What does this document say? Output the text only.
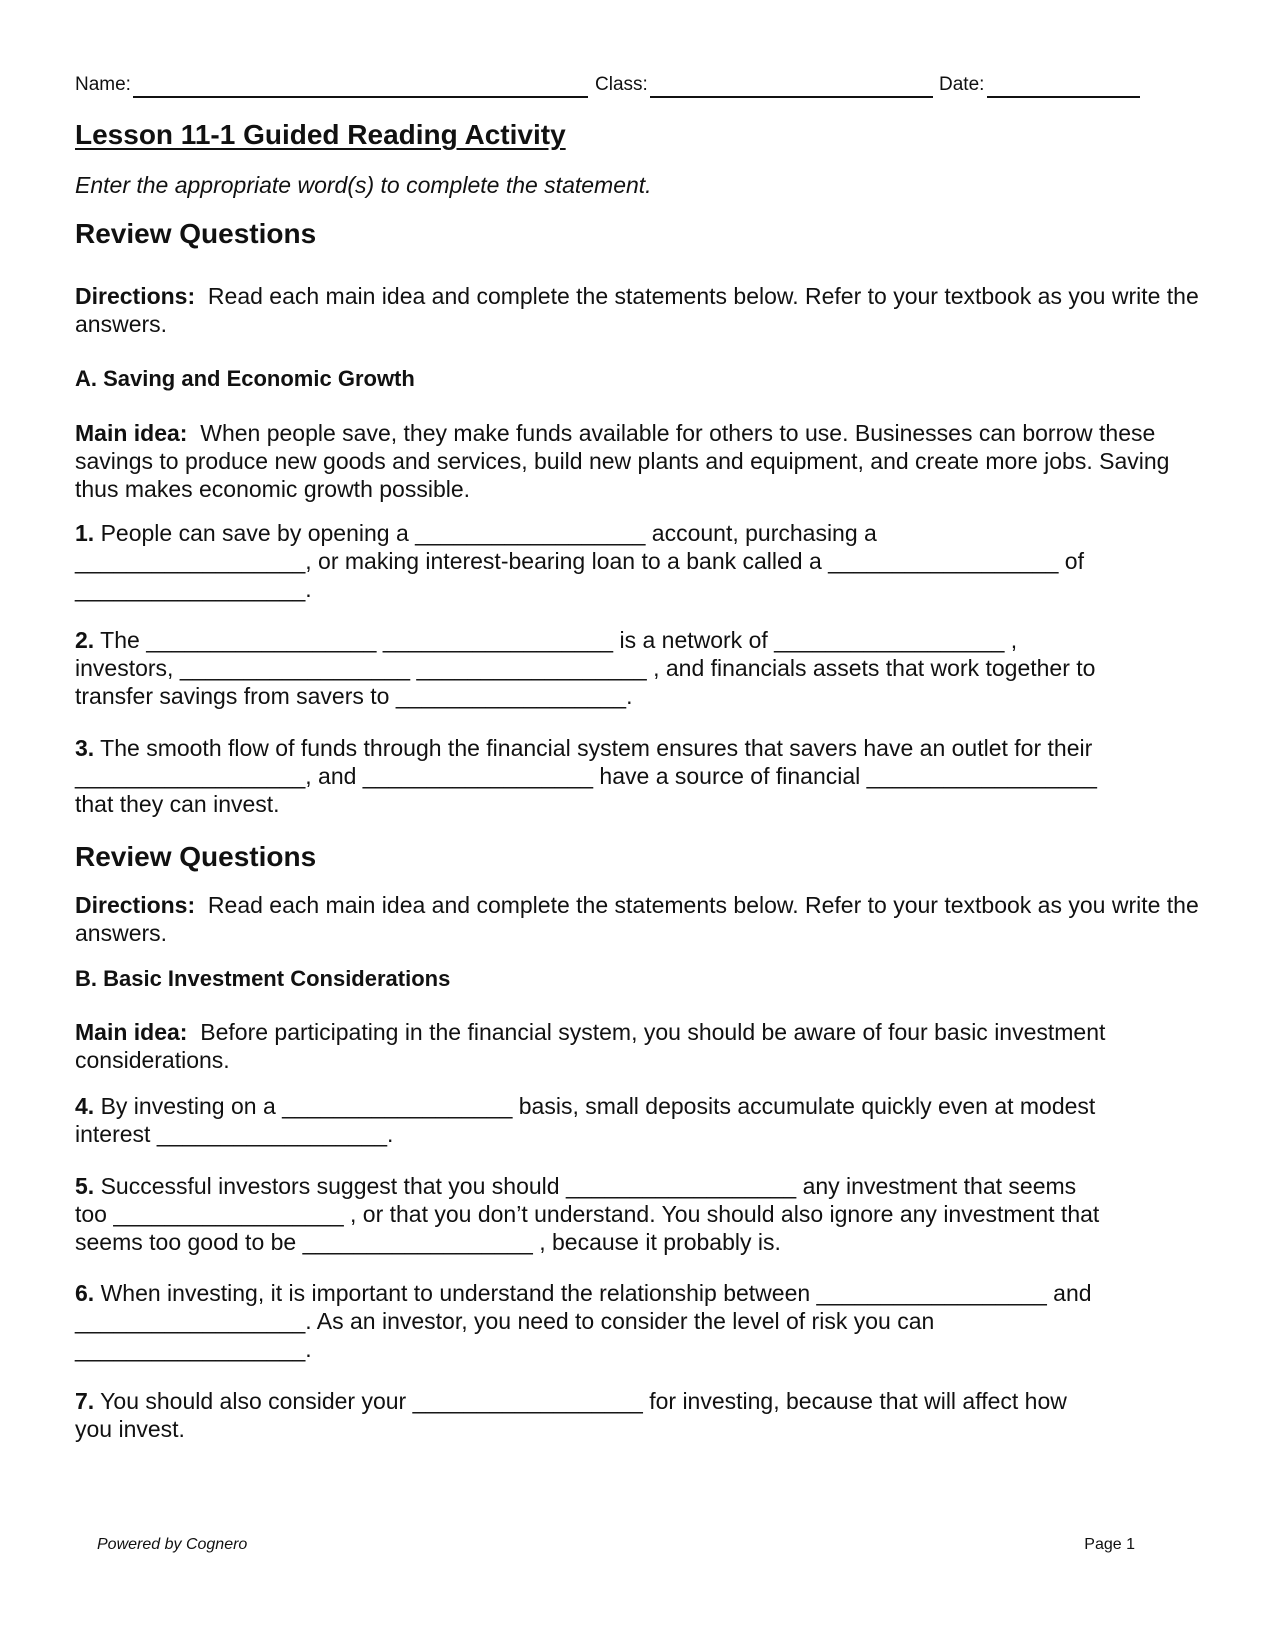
Name:	Class:	Date:
Lesson 11-1 Guided Reading Activity
Enter the appropriate word(s) to complete the statement.
Review Questions
Directions: Read each main idea and complete the statements below. Refer to your textbook as you write the answers.
A. Saving and Economic Growth
Main idea: When people save, they make funds available for others to use. Businesses can borrow these savings to produce new goods and services, build new plants and equipment, and create more jobs. Saving thus makes economic growth possible.
1. People can save by opening a __________________ account, purchasing a
__________________, or making interest-bearing loan to a bank called a __________________ of
__________________.
2. The __________________ __________________ is a network of __________________ ,
investors, __________________ __________________ , and financials assets that work together to
transfer savings from savers to __________________.
3. The smooth flow of funds through the financial system ensures that savers have an outlet for their
__________________, and __________________ have a source of financial __________________
that they can invest.
Review Questions
Directions: Read each main idea and complete the statements below. Refer to your textbook as you write the answers.
B. Basic Investment Considerations
Main idea: Before participating in the financial system, you should be aware of four basic investment considerations.
4. By investing on a __________________ basis, small deposits accumulate quickly even at modest
interest __________________.
5. Successful investors suggest that you should __________________ any investment that seems
too __________________ , or that you don’t understand. You should also ignore any investment that
seems too good to be __________________ , because it probably is.
6. When investing, it is important to understand the relationship between __________________ and
__________________. As an investor, you need to consider the level of risk you can
__________________.
7. You should also consider your __________________ for investing, because that will affect how
you invest.
Powered by Cognero	Page 1
